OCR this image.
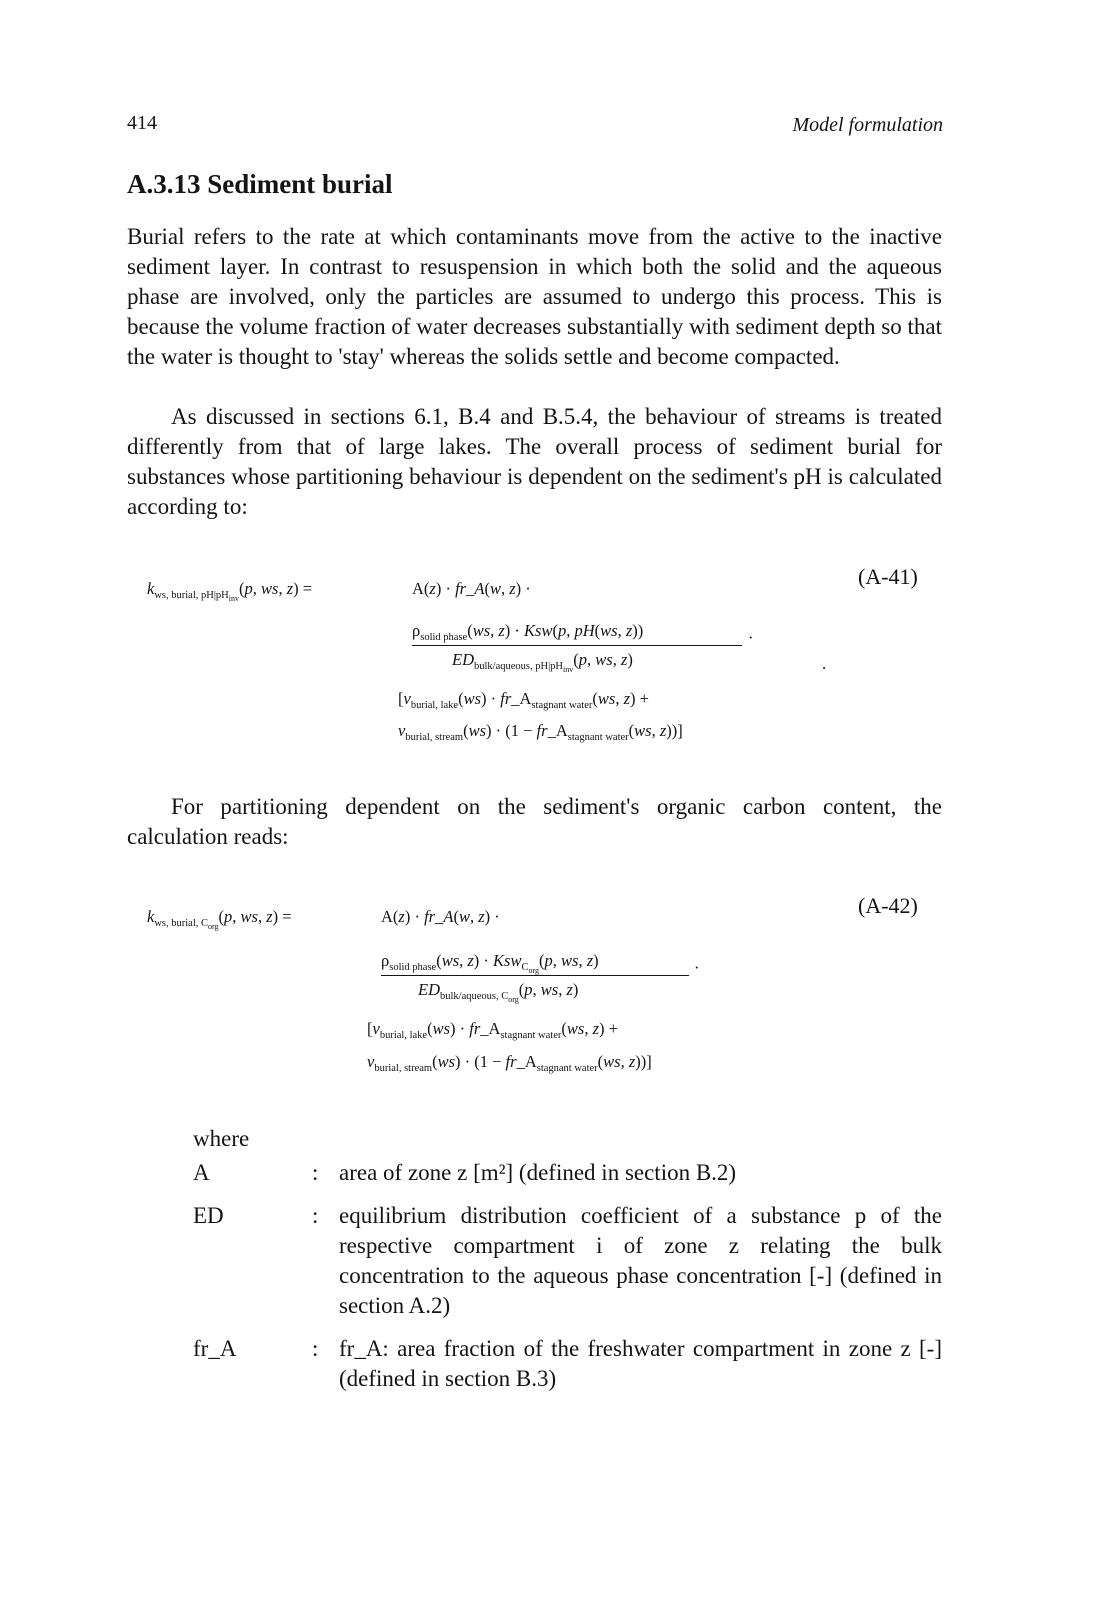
414	Model formulation
A.3.13 Sediment burial

Burial refers to the rate at which contaminants move from the active to the inactive sediment layer. In contrast to resuspension in which both the solid and the aqueous phase are involved, only the particles are assumed to undergo this process. This is because the volume fraction of water decreases substantially with sediment depth so that the water is thought to 'stay' whereas the solids settle and become compacted.

As discussed in sections 6.1, B.4 and B.5.4, the behaviour of streams is treated differently from that of large lakes. The overall process of sediment burial for substances whose partitioning behaviour is dependent on the sediment's pH is calculated according to:

(A-41)
$k_{ws, burial, pH|pH_{inv}}(p$, ws, z) =	A(z) · fr_A(w, z) ·
$\rho_{solid phase}(ws$, z) · Ksw(p, pH(ws, z))	·
$ED_{bulk/aqueous, pH|pH_{inv}}(p$, ws, z)	.
[$v_{burial, lake}(ws)$ · $fr\_A_{stagnant water}(ws$, z) +
$v_{burial, stream}(ws) \cdot (1$ − $fr\_A_{stagnant water}(ws$, z))]

For partitioning dependent on the sediment's organic carbon content, the calculation reads:

(A-42)
$k_{ws, burial, C_{org}}(p$, ws, z) =	A(z) · fr_A(w, z) ·
$\rho_{solid phase}(ws$, z) · Ksw$_{C_{org}}$(p, ws, z)	·
$ED_{bulk/aqueous, C_{org}}(p$, ws, z)
[$v_{burial, lake}(ws)$ · $fr\_A_{stagnant water}(ws$, z) +
$v_{burial, stream}(ws) \cdot (1$ − $fr\_A_{stagnant water}(ws$, z))]
where
A	: area of zone z [m²] (defined in section B.2)
ED	: equilibrium distribution coefficient of a substance p of the respective compartment i of zone z relating the bulk concentration to the aqueous phase concentration [-] (defined in section A.2)
fr_A	: fr_A: area fraction of the freshwater compartment in zone z [-] (defined in section B.3)
